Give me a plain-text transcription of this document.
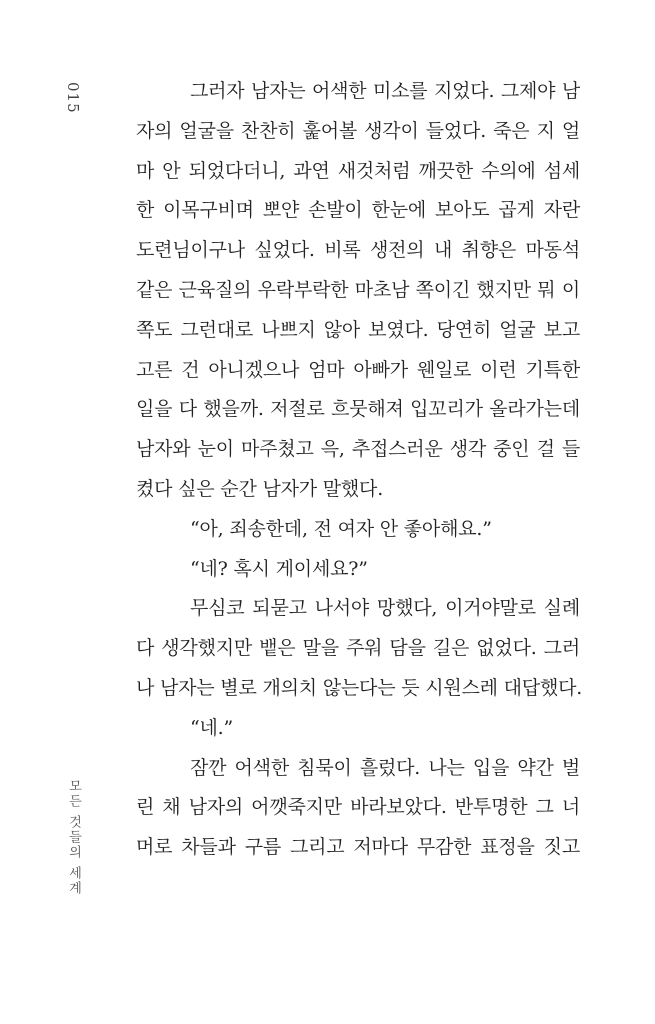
015
모든 것들의 세계
그러자 남자는 어색한 미소를 지었다. 그제야 남
자의 얼굴을 찬찬히 훑어볼 생각이 들었다. 죽은 지 얼
마 안 되었다더니, 과연 새것처럼 깨끗한 수의에 섬세
한 이목구비며 뽀얀 손발이 한눈에 보아도 곱게 자란
도련님이구나 싶었다. 비록 생전의 내 취향은 마동석
같은 근육질의 우락부락한 마초남 쪽이긴 했지만 뭐 이
쪽도 그런대로 나쁘지 않아 보였다. 당연히 얼굴 보고
고른 건 아니겠으나 엄마 아빠가 웬일로 이런 기특한
일을 다 했을까. 저절로 흐뭇해져 입꼬리가 올라가는데
남자와 눈이 마주쳤고 윽, 추접스러운 생각 중인 걸 들
켰다 싶은 순간 남자가 말했다.
“아, 죄송한데, 전 여자 안 좋아해요.”
“네? 혹시 게이세요?”
무심코 되묻고 나서야 망했다, 이거야말로 실례
다 생각했지만 뱉은 말을 주워 담을 길은 없었다. 그러
나 남자는 별로 개의치 않는다는 듯 시원스레 대답했다.
“네.”
잠깐 어색한 침묵이 흘렀다. 나는 입을 약간 벌
린 채 남자의 어깻죽지만 바라보았다. 반투명한 그 너
머로 차들과 구름 그리고 저마다 무감한 표정을 짓고
